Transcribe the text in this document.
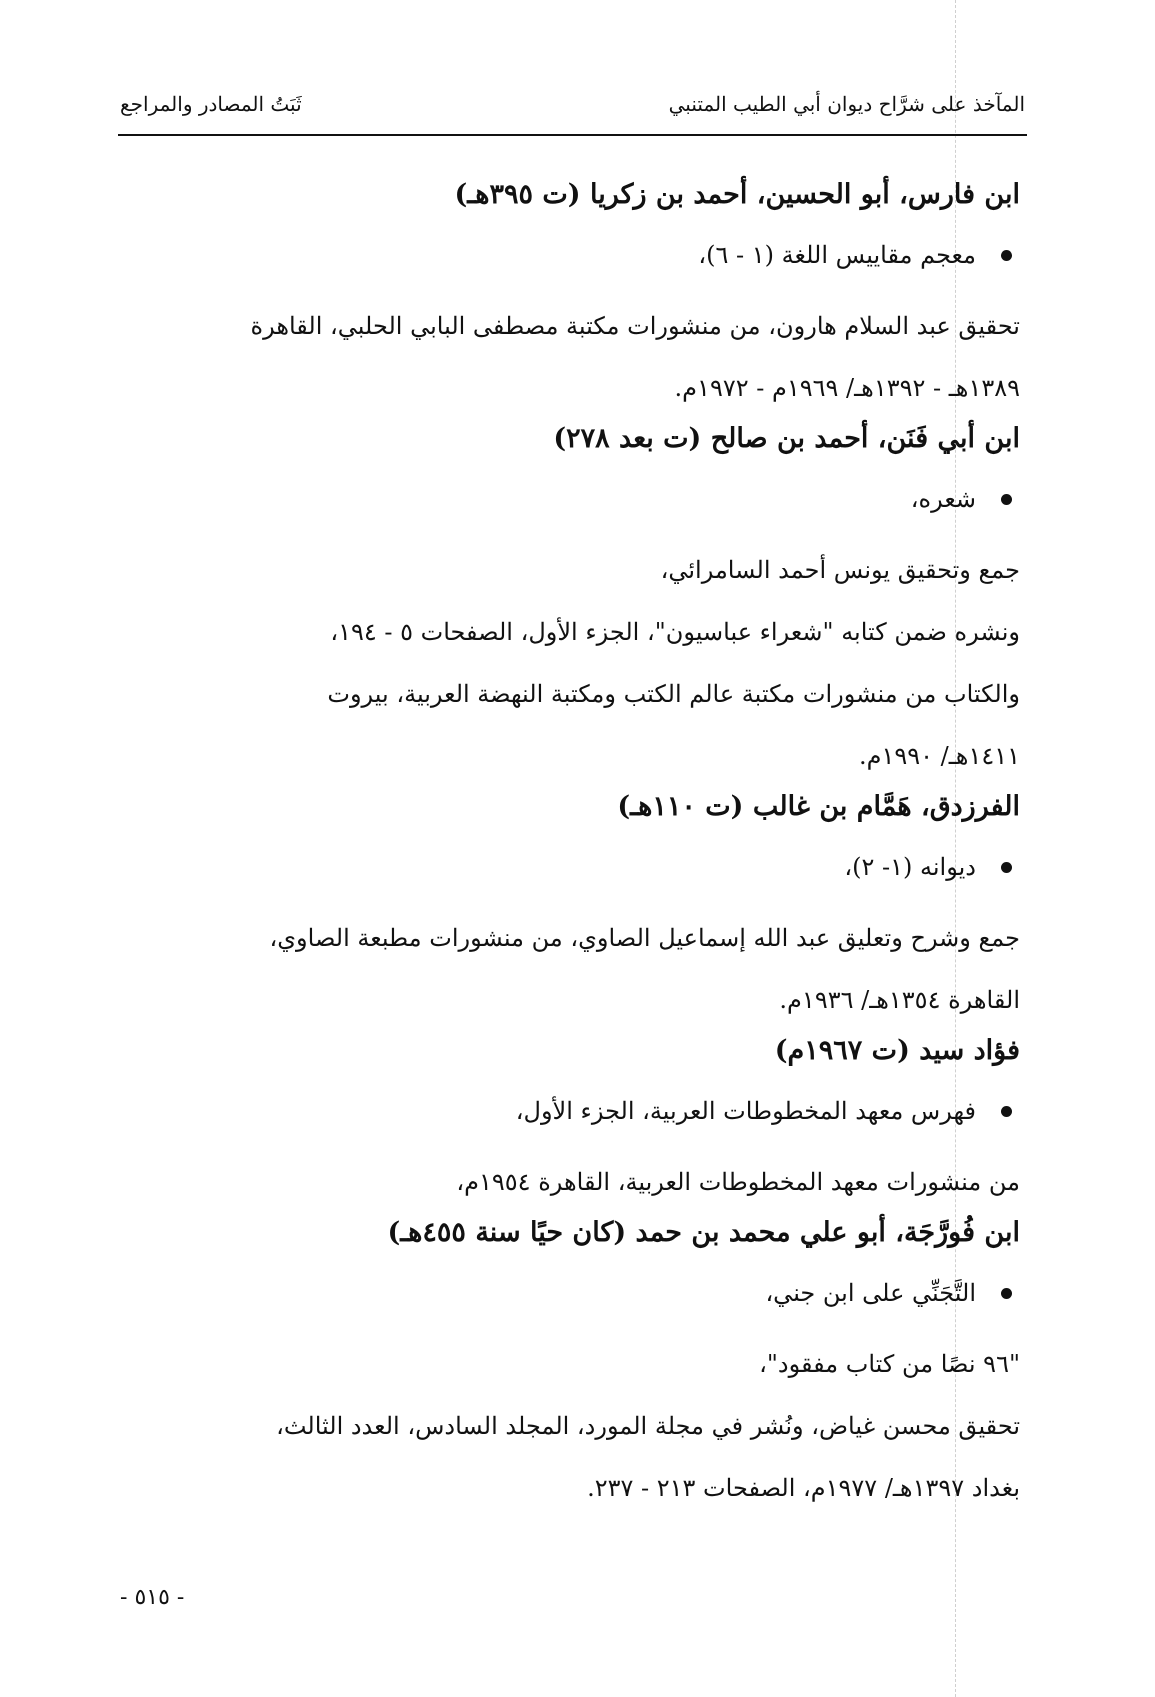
المآخذ على شرَّاح ديوان أبي الطيب المتنبي
ثَبَتُ المصادر والمراجع
ابن فارس، أبو الحسين، أحمد بن زكريا (ت ٣٩٥هـ)
معجم مقاييس اللغة (١ - ٦)،
تحقيق عبد السلام هارون، من منشورات مكتبة مصطفى البابي الحلبي، القاهرة
١٣٨٩هـ - ١٣٩٢هـ/ ١٩٦٩م - ١٩٧٢م.
ابن أبي فَنَن، أحمد بن صالح (ت بعد ٢٧٨)
شعره،
جمع وتحقيق يونس أحمد السامرائي،
ونشره ضمن كتابه "شعراء عباسيون"، الجزء الأول، الصفحات ٥ - ١٩٤،
والكتاب من منشورات مكتبة عالم الكتب ومكتبة النهضة العربية، بيروت
١٤١١هـ/ ١٩٩٠م.
الفرزدق، هَمَّام بن غالب (ت ١١٠هـ)
ديوانه (١- ٢)،
جمع وشرح وتعليق عبد الله إسماعيل الصاوي، من منشورات مطبعة الصاوي،
القاهرة ١٣٥٤هـ/ ١٩٣٦م.
فؤاد سيد (ت ١٩٦٧م)
فهرس معهد المخطوطات العربية، الجزء الأول،
من منشورات معهد المخطوطات العربية، القاهرة ١٩٥٤م،
ابن فُورَّجَة، أبو علي محمد بن حمد (كان حيًا سنة ٤٥٥هـ)
التَّجَنِّي على ابن جني،
"٩٦ نصًا من كتاب مفقود"،
تحقيق محسن غياض، ونُشر في مجلة المورد، المجلد السادس، العدد الثالث،
بغداد ١٣٩٧هـ/ ١٩٧٧م، الصفحات ٢١٣ - ٢٣٧.
- ٥١٥ -
